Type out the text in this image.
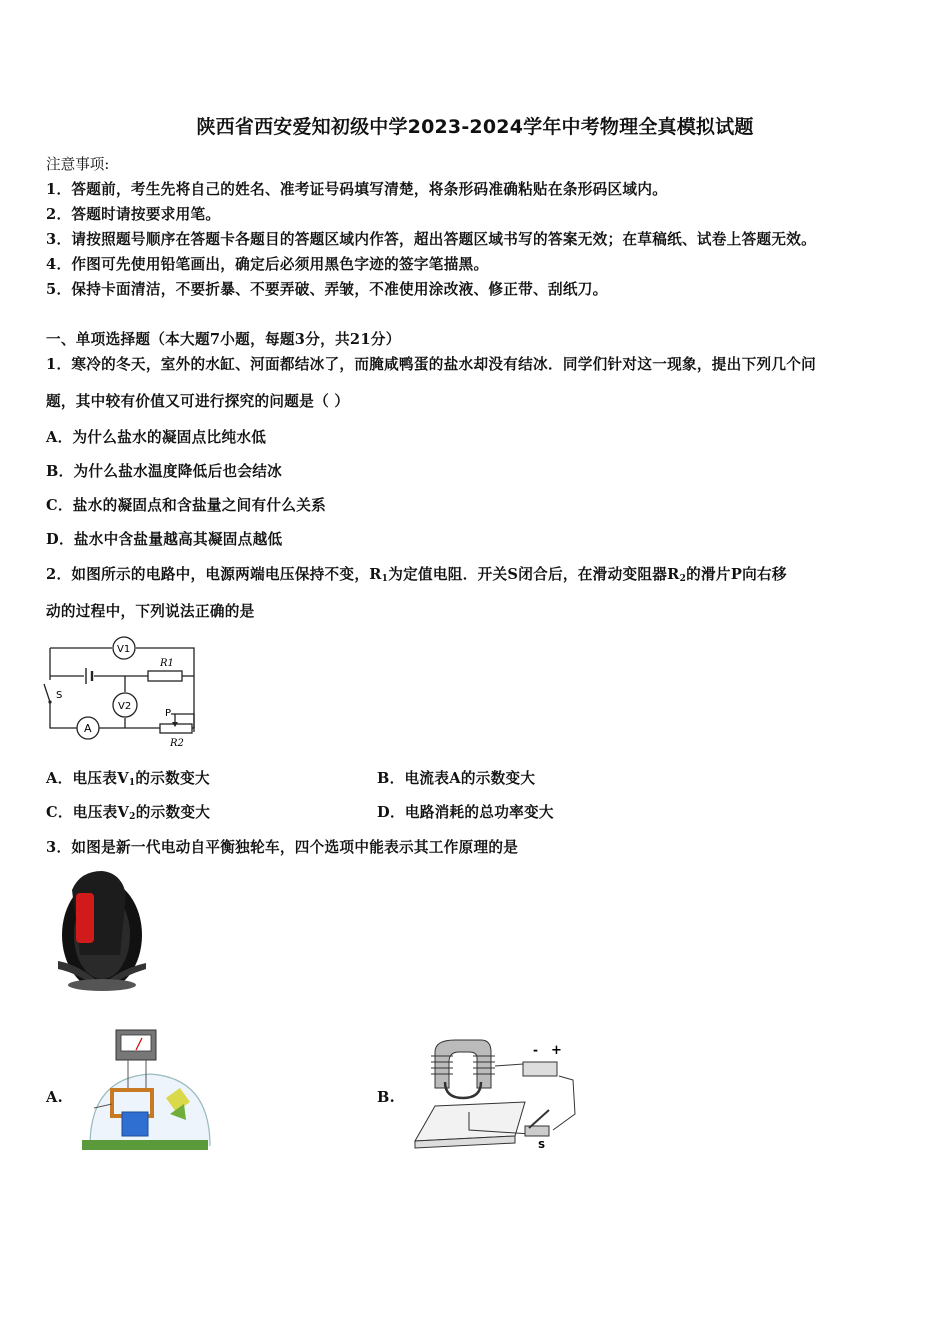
陕西省西安爱知初级中学2023-2024学年中考物理全真模拟试题
注意事项:
1．答题前，考生先将自己的姓名、准考证号码填写清楚，将条形码准确粘贴在条形码区域内。
2．答题时请按要求用笔。
3．请按照题号顺序在答题卡各题目的答题区域内作答，超出答题区域书写的答案无效；在草稿纸、试卷上答题无效。
4．作图可先使用铅笔画出，确定后必须用黑色字迹的签字笔描黑。
5．保持卡面清洁，不要折暴、不要弄破、弄皱，不准使用涂改液、修正带、刮纸刀。
一、单项选择题（本大题7小题，每题3分，共21分）
1．寒冷的冬天，室外的水缸、河面都结冰了，而腌咸鸭蛋的盐水却没有结冰．同学们针对这一现象，提出下列几个问
题，其中较有价值又可进行探究的问题是（ ）
A．为什么盐水的凝固点比纯水低
B．为什么盐水温度降低后也会结冰
C．盐水的凝固点和含盐量之间有什么关系
D．盐水中含盐量越高其凝固点越低
2．如图所示的电路中，电源两端电压保持不变，$R_1$为定值电阻．开关S闭合后，在滑动变阻器$R_2$的滑片P向右移
动的过程中，下列说法正确的是
V1
V2
A
S
R1
R2
P
A．电压表$V_1$的示数变大	B．电流表A的示数变大
C．电压表$V_2$的示数变大	D．电路消耗的总功率变大
3．如图是新一代电动自平衡独轮车，四个选项中能表示其工作原理的是
A.	B.
- +
S
